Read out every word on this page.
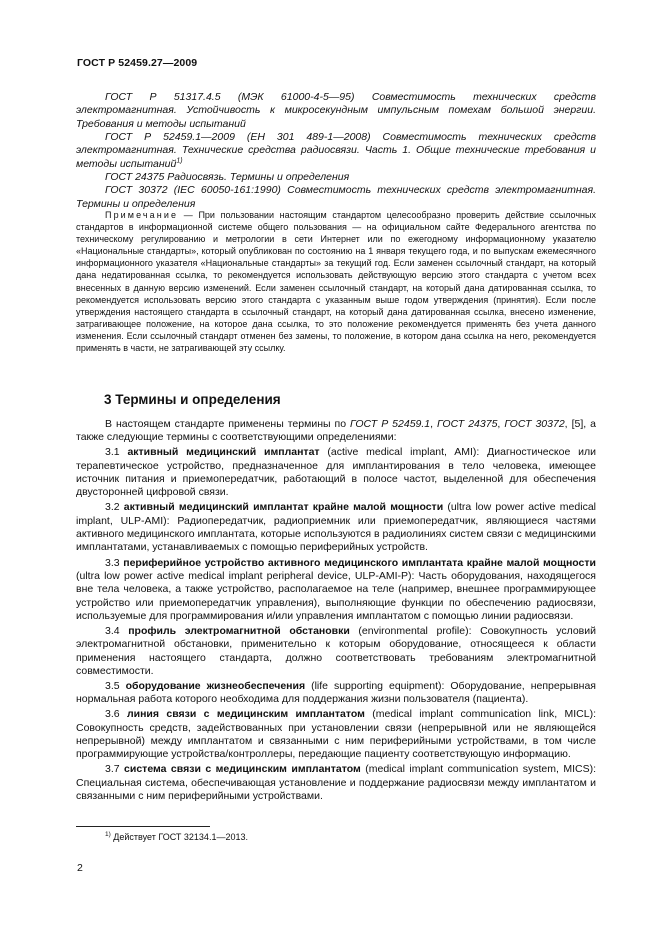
ГОСТ Р 52459.27—2009

ГОСТ Р 51317.4.5 (МЭК 61000-4-5—95) Совместимость технических средств электромагнитная. Устойчивость к микросекундным импульсным помехам большой энергии. Требования и методы испытаний

ГОСТ Р 52459.1—2009 (ЕН 301 489-1—2008) Совместимость технических средств электромагнитная. Технические средства радиосвязи. Часть 1. Общие технические требования и методы испытаний$^{1)}$

ГОСТ 24375 Радиосвязь. Термины и определения

ГОСТ 30372 (IEC 60050-161:1990) Совместимость технических средств электромагнитная. Термины и определения

Примечание — При пользовании настоящим стандартом целесообразно проверить действие ссылочных стандартов в информационной системе общего пользования — на официальном сайте Федерального агентства по техническому регулированию и метрологии в сети Интернет или по ежегодному информационному указателю «Национальные стандарты», который опубликован по состоянию на 1 января текущего года, и по выпускам ежемесячного информационного указателя «Национальные стандарты» за текущий год. Если заменен ссылочный стандарт, на который дана недатированная ссылка, то рекомендуется использовать действующую версию этого стандарта с учетом всех внесенных в данную версию изменений. Если заменен ссылочный стандарт, на который дана датированная ссылка, то рекомендуется использовать версию этого стандарта с указанным выше годом утверждения (принятия). Если после утверждения настоящего стандарта в ссылочный стандарт, на который дана датированная ссылка, внесено изменение, затрагивающее положение, на которое дана ссылка, то это положение рекомендуется применять без учета данного изменения. Если ссылочный стандарт отменен без замены, то положение, в котором дана ссылка на него, рекомендуется применять в части, не затрагивающей эту ссылку.

3 Термины и определения

В настоящем стандарте применены термины по ГОСТ Р 52459.1, ГОСТ 24375, ГОСТ 30372, [5], а также следующие термины с соответствующими определениями:

3.1 активный медицинский имплантат (active medical implant, AMI): Диагностическое или терапевтическое устройство, предназначенное для имплантирования в тело человека, имеющее источник питания и приемопередатчик, работающий в полосе частот, выделенной для обеспечения двусторонней цифровой связи.

3.2 активный медицинский имплантат крайне малой мощности (ultra low power active medical implant, ULP-AMI): Радиопередатчик, радиоприемник или приемопередатчик, являющиеся частями активного медицинского имплантата, которые используются в радиолиниях систем связи с медицинскими имплантатами, устанавливаемых с помощью периферийных устройств.

3.3 периферийное устройство активного медицинского имплантата крайне малой мощности (ultra low power active medical implant peripheral device, ULP-AMI-P): Часть оборудования, находящегося вне тела человека, а также устройство, располагаемое на теле (например, внешнее программирующее устройство или приемопередатчик управления), выполняющие функции по обеспечению радиосвязи, используемые для программирования и/или управления имплантатом с помощью линии радиосвязи.

3.4 профиль электромагнитной обстановки (environmental profile): Совокупность условий электромагнитной обстановки, применительно к которым оборудование, относящееся к области применения настоящего стандарта, должно соответствовать требованиям электромагнитной совместимости.

3.5 оборудование жизнеобеспечения (life supporting equipment): Оборудование, непрерывная нормальная работа которого необходима для поддержания жизни пользователя (пациента).

3.6 линия связи с медицинским имплантатом (medical implant communication link, MICL): Совокупность средств, задействованных при установлении связи (непрерывной или не являющейся непрерывной) между имплантатом и связанными с ним периферийными устройствами, в том числе программирующие устройства/контроллеры, передающие пациенту соответствующую информацию.

3.7 система связи с медицинским имплантатом (medical implant communication system, MICS): Специальная система, обеспечивающая установление и поддержание радиосвязи между имплантатом и связанными с ним периферийными устройствами.

$^{1)}$ Действует ГОСТ 32134.1—2013.
2
